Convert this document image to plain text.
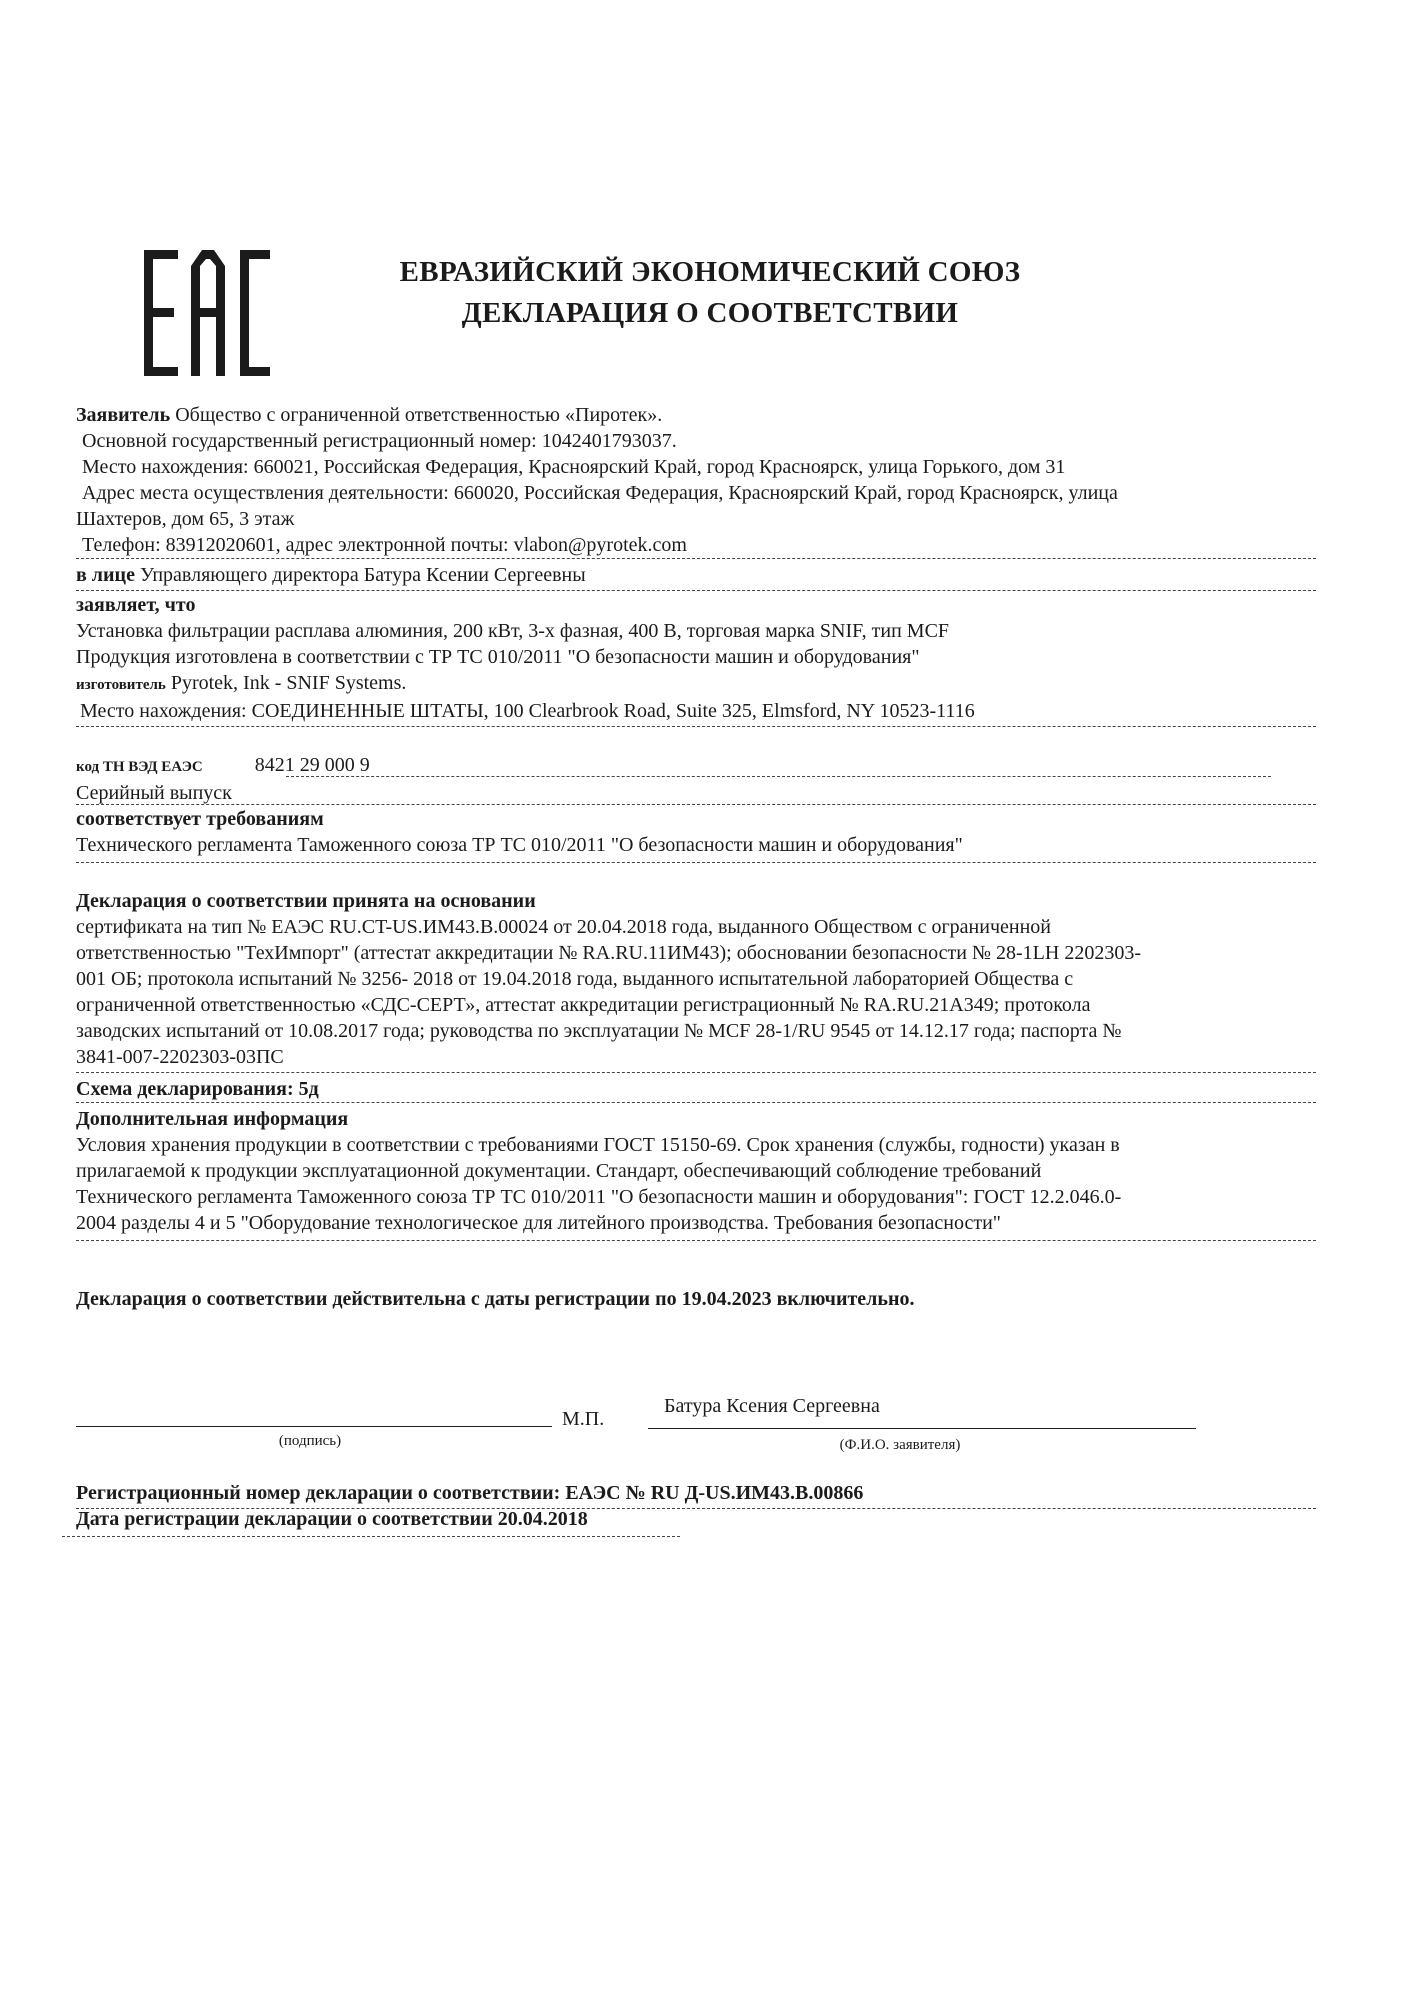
ЕВРАЗИЙСКИЙ ЭКОНОМИЧЕСКИЙ СОЮЗ
ДЕКЛАРАЦИЯ О СООТВЕТСТВИИ
Заявитель Общество с ограниченной ответственностью «Пиротек».
Основной государственный регистрационный номер: 1042401793037.
Место нахождения: 660021, Российская Федерация, Красноярский Край, город Красноярск, улица Горького, дом 31
Адрес места осуществления деятельности: 660020, Российская Федерация, Красноярский Край, город Красноярск, улица
Шахтеров, дом 65, 3 этаж
Телефон: 83912020601, адрес электронной почты: vlabon@pyrotek.com
в лице Управляющего директора Батура Ксении Сергеевны
заявляет, что
Установка фильтрации расплава алюминия, 200 кВт, 3-х фазная, 400 В, торговая марка SNIF, тип MCF
Продукция изготовлена в соответствии с ТР ТС 010/2011 "О безопасности машин и оборудования"
изготовитель Pyrotek, Ink - SNIF Systems.
Место нахождения: СОЕДИНЕННЫЕ ШТАТЫ, 100 Clearbrook Road, Suite 325, Elmsford, NY 10523-1116
код ТН ВЭД ЕАЭС	8421 29 000 9
Серийный выпуск
соответствует требованиям
Технического регламента Таможенного союза ТР ТС 010/2011 "О безопасности машин и оборудования"
Декларация о соответствии принята на основании
сертификата на тип № ЕАЭС RU.CT-US.ИМ43.B.00024 от 20.04.2018 года, выданного Обществом с ограниченной
ответственностью "ТехИмпорт" (аттестат аккредитации № RA.RU.11ИМ43); обосновании безопасности № 28-1LH 2202303-
001 ОБ; протокола испытаний № 3256- 2018 от 19.04.2018 года, выданного испытательной лабораторией Общества с
ограниченной ответственностью «СДС-СЕРТ», аттестат аккредитации регистрационный № RA.RU.21A349; протокола
заводских испытаний от 10.08.2017 года; руководства по эксплуатации № MCF 28-1/RU 9545 от 14.12.17 года; паспорта №
3841-007-2202303-03ПС
Схема декларирования: 5д
Дополнительная информация
Условия хранения продукции в соответствии с требованиями ГОСТ 15150-69. Срок хранения (службы, годности) указан в
прилагаемой к продукции эксплуатационной документации. Стандарт, обеспечивающий соблюдение требований
Технического регламента Таможенного союза ТР ТС 010/2011 "О безопасности машин и оборудования": ГОСТ 12.2.046.0-
2004 разделы 4 и 5 "Оборудование технологическое для литейного производства. Требования безопасности"
Декларация о соответствии действительна с даты регистрации по 19.04.2023 включительно.
(подпись)
М.П.
Батура Ксения Сергеевна
(Ф.И.О. заявителя)
Регистрационный номер декларации о соответствии: ЕАЭС № RU Д-US.ИМ43.В.00866
Дата регистрации декларации о соответствии 20.04.2018
